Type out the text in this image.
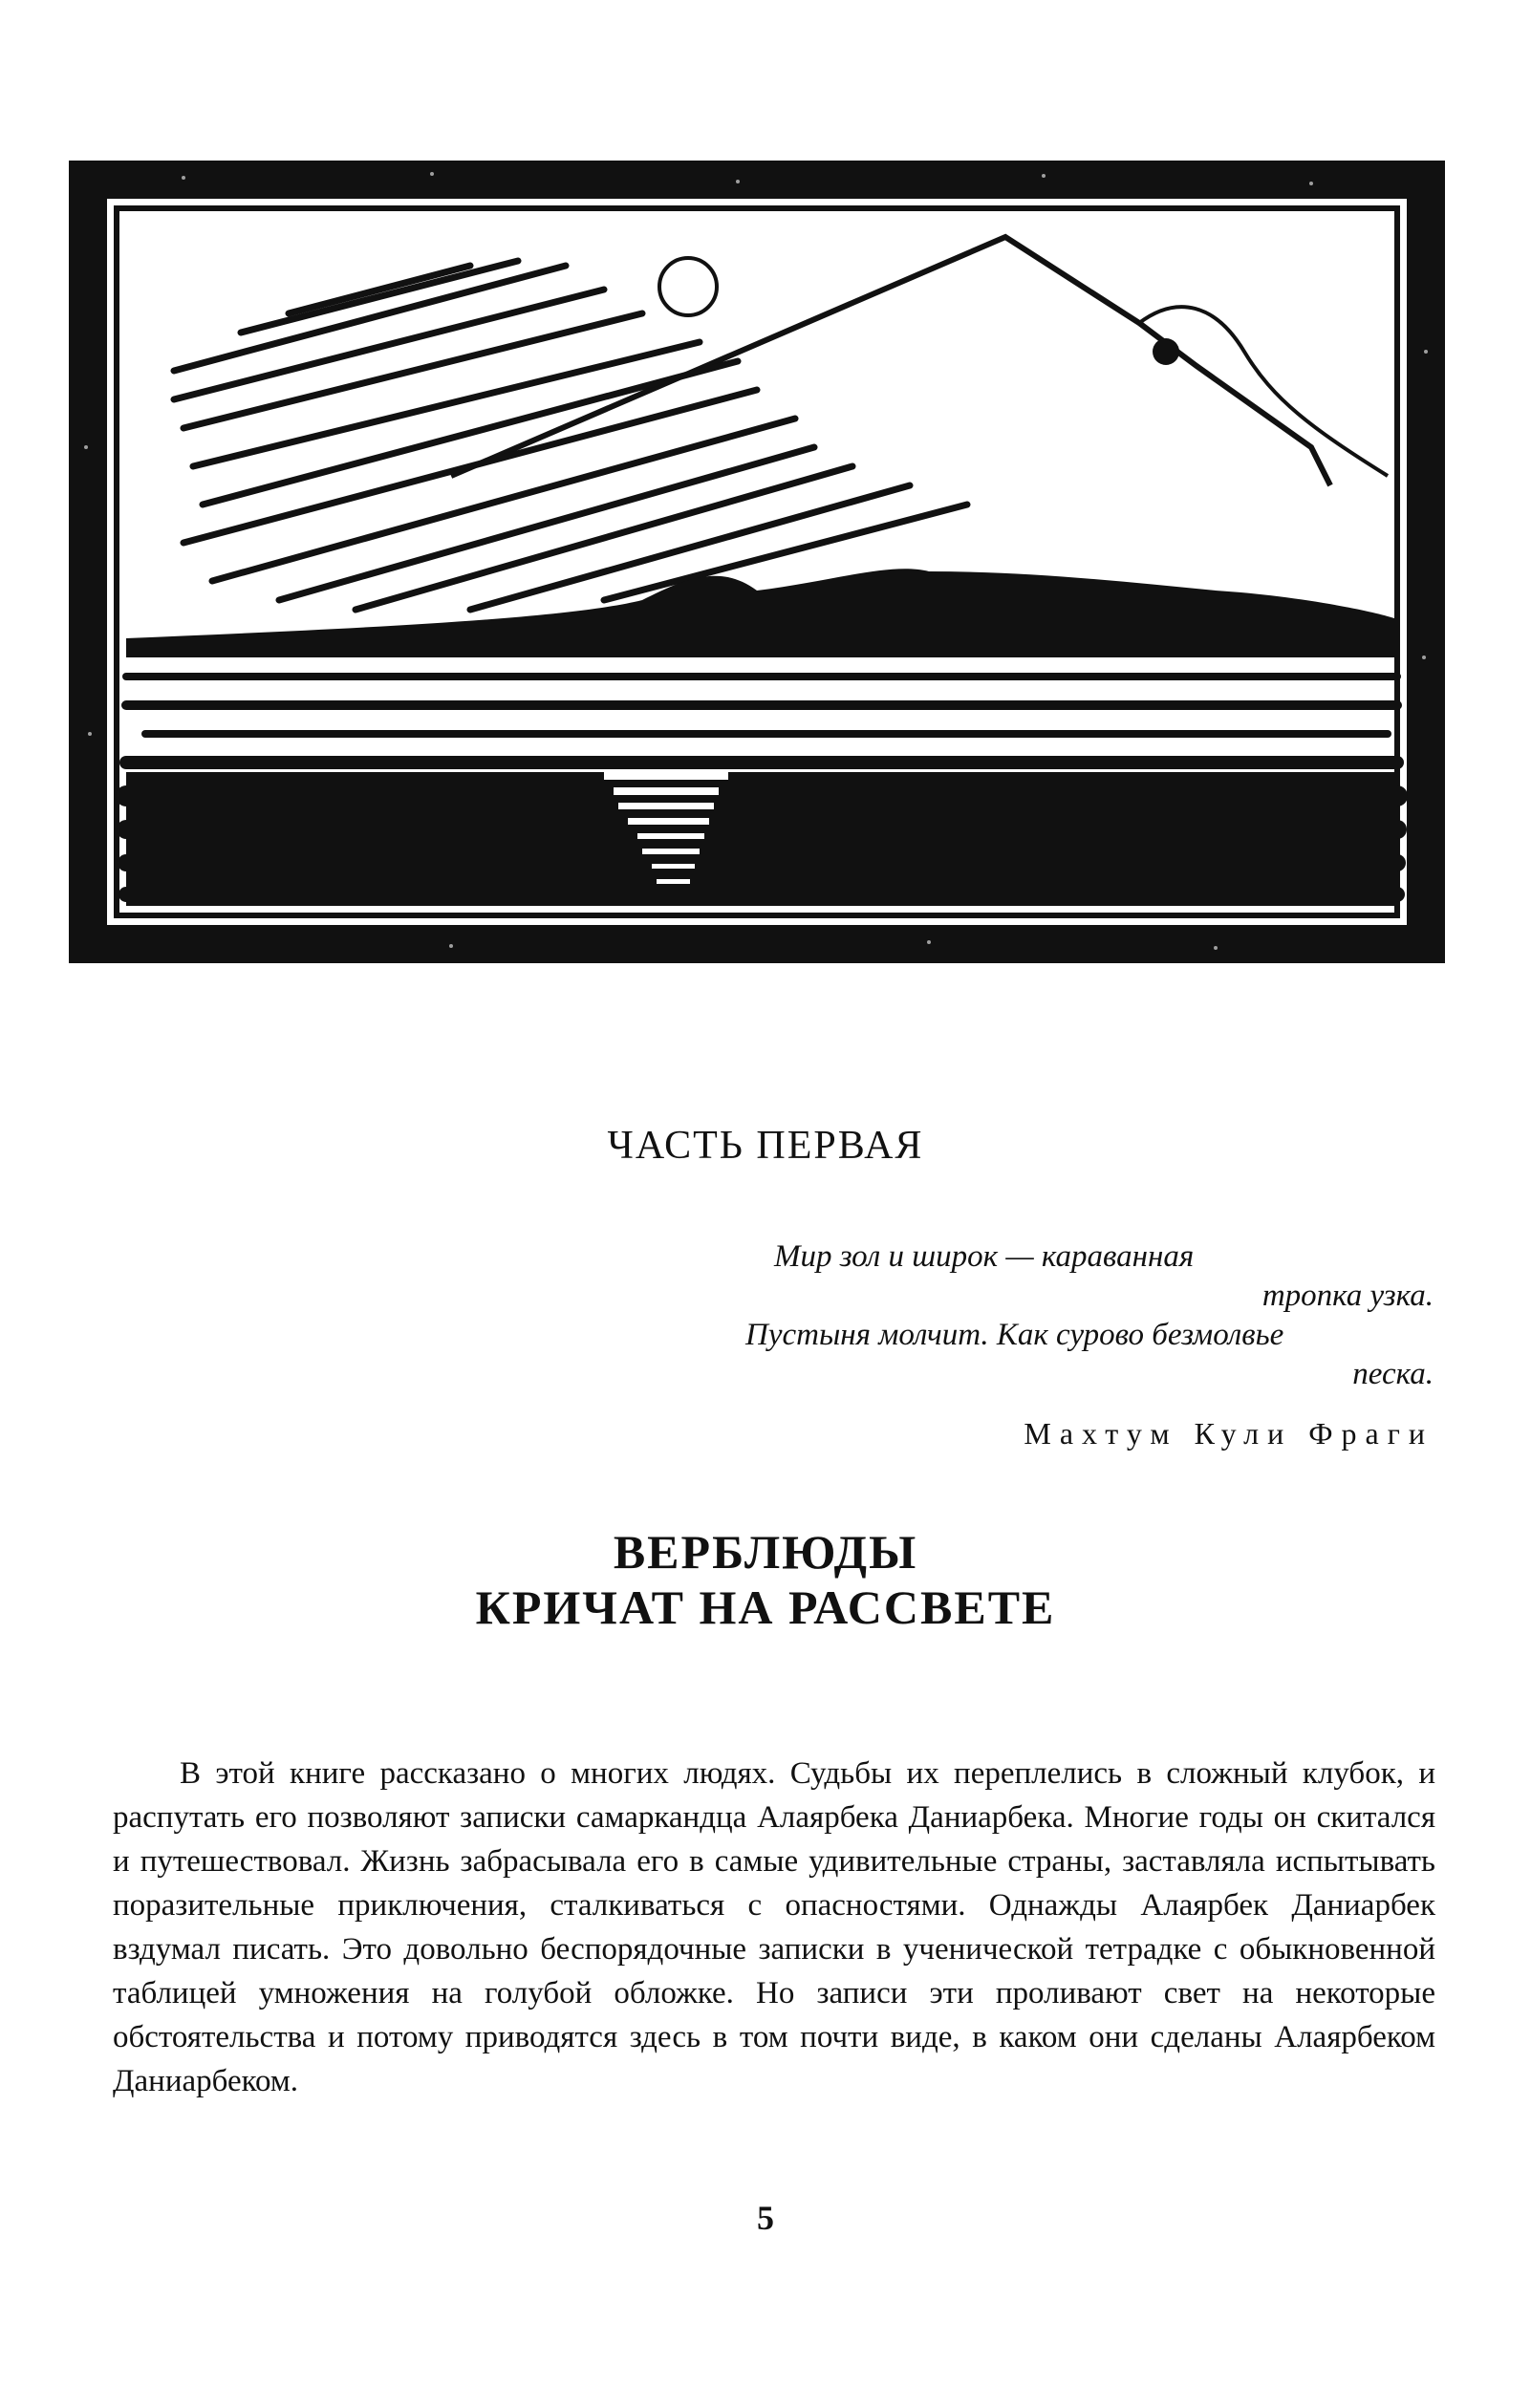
ЧАСТЬ ПЕРВАЯ
Мир зол и широк — караванная
тропка узка.
Пустыня молчит. Как сурово безмолвье
песка.
Махтум Кули Фраги
ВЕРБЛЮДЫ
КРИЧАТ НА РАССВЕТЕ

В этой книге рассказано о многих людях. Судьбы их переплелись в сложный клубок, и распутать его позволяют записки самаркандца Алаярбека Даниарбека. Многие годы он скитался и путешествовал. Жизнь забрасывала его в самые удивительные страны, заставляла испытывать поразительные приключения, сталкиваться с опасностями. Однажды Алаярбек Даниарбек вздумал писать. Это довольно беспорядочные записки в ученической тетрадке с обыкновенной таблицей умножения на голубой обложке. Но записи эти проливают свет на некоторые обстоятельства и потому приводятся здесь в том почти виде, в каком они сделаны Алаярбеком Даниарбеком.

5
